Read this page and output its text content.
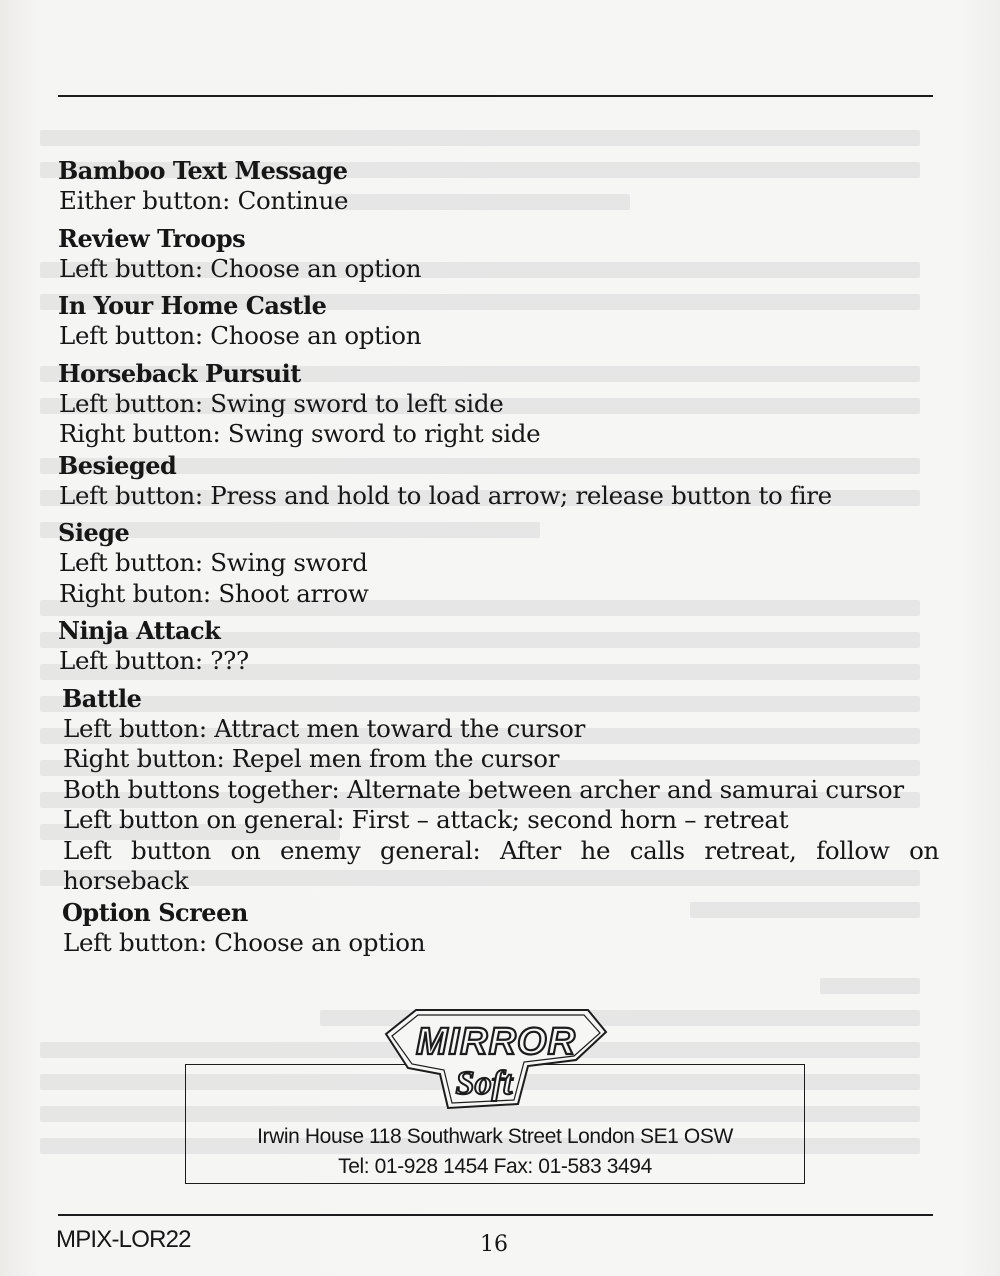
Bamboo Text Message

Either button: Continue

Review Troops

Left button: Choose an option

In Your Home Castle

Left button: Choose an option

Horseback Pursuit

Left button: Swing sword to left side

Right button: Swing sword to right side

Besieged

Left button: Press and hold to load arrow; release button to fire

Siege

Left button: Swing sword

Right buton: Shoot arrow

Ninja Attack

Left button: ???

Battle

Left button: Attract men toward the cursor

Right button: Repel men from the cursor

Both buttons together: Alternate between archer and samurai cursor

Left button on general: First – attack; second horn – retreat

Left button on enemy general: After he calls retreat, follow on horseback

Option Screen

Left button: Choose an option

MIRROR
Soft
Irwin House 118 Southwark Street London SE1 OSW
Tel: 01-928 1454 Fax: 01-583 3494
MPIX-LOR22	16
